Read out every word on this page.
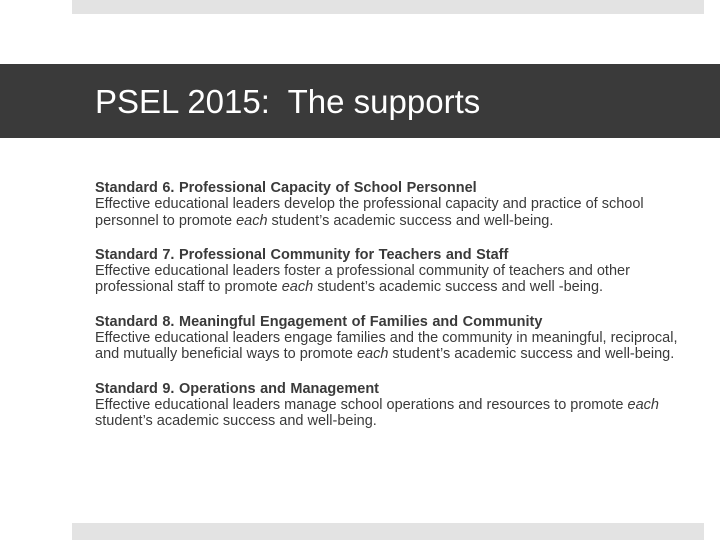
PSEL 2015:  The supports

Standard 6. Professional Capacity of School Personnel

Effective educational leaders develop the professional capacity and practice of school personnel to promote each student’s academic success and well-being.

Standard 7. Professional Community for Teachers and Staff

Effective educational leaders foster a professional community of teachers and other professional staff to promote each student’s academic success and well -being.

Standard 8. Meaningful Engagement of Families and Community

Effective educational leaders engage families and the community in meaningful, reciprocal, and mutually beneficial ways to promote each student’s academic success and well-being.

Standard 9. Operations and Management

Effective educational leaders manage school operations and resources to promote each student’s academic success and well-being.
